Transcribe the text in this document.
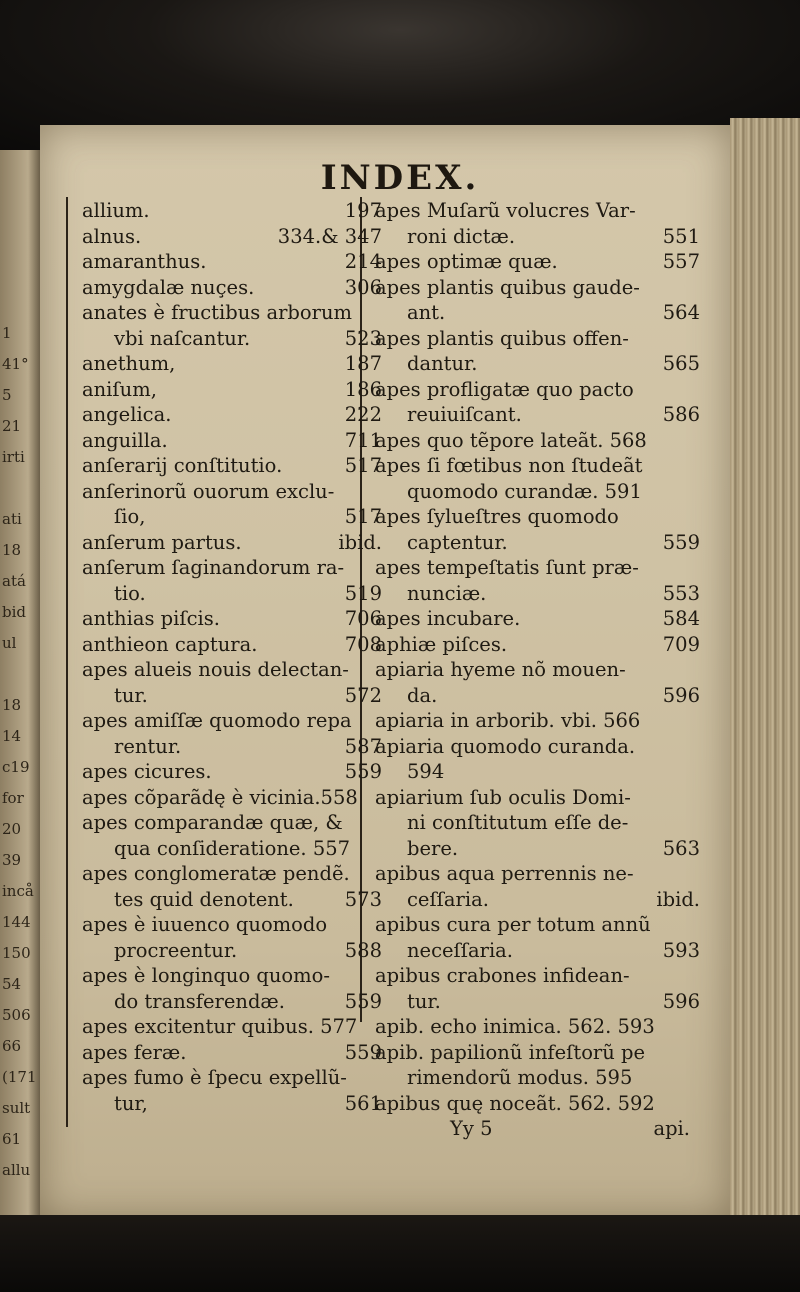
1
41°
5
21
irti
ati
18
atá
bid
ul
18
14
c19
for
20
39
incå
144
150
54
506
66
(171
sult
61
allu
INDEX.
allium.	197
alnus.	334.& 347
amaranthus.	214
amygdalæ nuçes.	306
anates è fructibus arborum
vbi naſcantur.	523
anethum,	187
aniſum,	186
angelica.	222
anguilla.	711
anſerarij conſtitutio.	517
anſerinorũ ouorum exclu-
ſio,	517
anſerum partus.	ibid.
anſerum ſaginandorum ra-
tio.	519
anthias piſcis.	706
anthieon captura.	708
apes alueis nouis delectan-
tur.	572
apes amiſſæ quomodo repa
rentur.	587
apes cicures.	559
apes cõparãdę è vicinia.558
apes comparandæ quæ, &
qua conſideratione. 557
apes conglomeratæ pendẽ.
tes quid denotent.	573
apes è iuuenco quomodo
procreentur.	588
apes è longinquo quomo-
do transferendæ.	559
apes excitentur quibus. 577
apes feræ.	559
apes fumo è ſpecu expellũ-
tur,	561
apes Muſarũ volucres Var-
roni dictæ.	551
apes optimæ quæ.	557
apes plantis quibus gaude-
ant.	564
apes plantis quibus offen-
dantur.	565
apes profligatæ quo pacto
reuiuiſcant.	586
apes quo tẽpore lateãt. 568
apes ſi fœtibus non ſtudeãt
quomodo curandæ. 591
apes ſylueſtres quomodo
captentur.	559
apes tempeſtatis ſunt præ-
nunciæ.	553
apes incubare.	584
aphiæ piſces.	709
apiaria hyeme nõ mouen-
da.	596
apiaria in arborib. vbi. 566
apiaria quomodo curanda.
594
apiarium ſub oculis Domi-
ni conſtitutum eſſe de-
bere.	563
apibus aqua perrennis ne-
ceſſaria.	ibid.
apibus cura per totum annũ
neceſſaria.	593
apibus crabones infidean-
tur.	596
apib. echo inimica. 562. 593
apib. papilionũ infeſtorũ pe
rimendorũ modus. 595
apibus quę noceãt. 562. 592
Yy 5	api.
